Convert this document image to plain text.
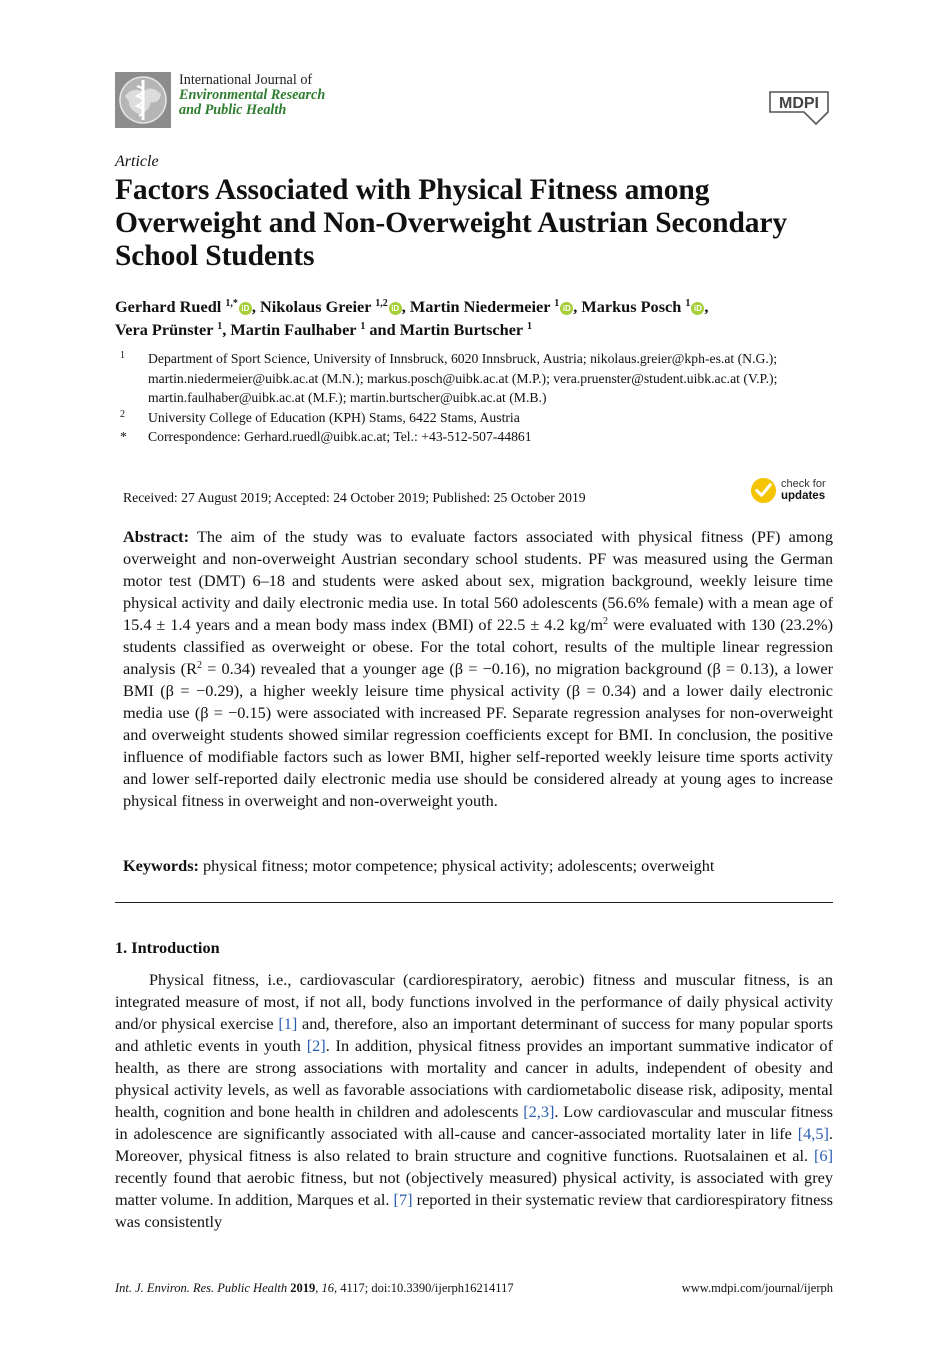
International Journal of
Environmental Research
and Public Health	MDPI
Article
Factors Associated with Physical Fitness among Overweight and Non-Overweight Austrian Secondary School Students
Gerhard Ruedl $^{1,*}$ iD , Nikolaus Greier $^{1,2}$ iD , Martin Niedermeier $^1$ iD , Markus Posch $^1$ iD ,
Vera Prünster $^1$, Martin Faulhaber $^1$ and Martin Burtscher $^1$
1	Department of Sport Science, University of Innsbruck, 6020 Innsbruck, Austria; nikolaus.greier@kph-es.at (N.G.); martin.niedermeier@uibk.ac.at (M.N.); markus.posch@uibk.ac.at (M.P.); vera.pruenster@student.uibk.ac.at (V.P.); martin.faulhaber@uibk.ac.at (M.F.); martin.burtscher@uibk.ac.at (M.B.)
2	University College of Education (KPH) Stams, 6422 Stams, Austria
*	Correspondence: Gerhard.ruedl@uibk.ac.at; Tel.: +43-512-507-44861
Received: 27 August 2019; Accepted: 24 October 2019; Published: 25 October 2019
check for
updates

Abstract: The aim of the study was to evaluate factors associated with physical fitness (PF) among overweight and non-overweight Austrian secondary school students. PF was measured using the German motor test (DMT) 6–18 and students were asked about sex, migration background, weekly leisure time physical activity and daily electronic media use. In total 560 adolescents (56.6% female) with a mean age of 15.4 ± 1.4 years and a mean body mass index (BMI) of 22.5 ± 4.2 $kg/m^2$ were evaluated with 130 (23.2%) students classified as overweight or obese. For the total cohort, results of the multiple linear regression analysis $(R^2 = 0.34)$ revealed that a younger age (β = −0.16), no migration background (β = 0.13), a lower BMI (β = −0.29), a higher weekly leisure time physical activity (β = 0.34) and a lower daily electronic media use (β = −0.15) were associated with increased PF. Separate regression analyses for non-overweight and overweight students showed similar regression coefficients except for BMI. In conclusion, the positive influence of modifiable factors such as lower BMI, higher self-reported weekly leisure time sports activity and lower self-reported daily electronic media use should be considered already at young ages to increase physical fitness in overweight and non-overweight youth.

Keywords: physical fitness; motor competence; physical activity; adolescents; overweight

1. Introduction

Physical fitness, i.e., cardiovascular (cardiorespiratory, aerobic) fitness and muscular fitness, is an integrated measure of most, if not all, body functions involved in the performance of daily physical activity and/or physical exercise [1] and, therefore, also an important determinant of success for many popular sports and athletic events in youth [2]. In addition, physical fitness provides an important summative indicator of health, as there are strong associations with mortality and cancer in adults, independent of obesity and physical activity levels, as well as favorable associations with cardiometabolic disease risk, adiposity, mental health, cognition and bone health in children and adolescents [2,3]. Low cardiovascular and muscular fitness in adolescence are significantly associated with all-cause and cancer-associated mortality later in life [4,5]. Moreover, physical fitness is also related to brain structure and cognitive functions. Ruotsalainen et al. [6] recently found that aerobic fitness, but not (objectively measured) physical activity, is associated with grey matter volume. In addition, Marques et al. [7] reported in their systematic review that cardiorespiratory fitness was consistently

Int. J. Environ. Res. Public Health 2019, 16, 4117; doi:10.3390/ijerph16214117	www.mdpi.com/journal/ijerph
